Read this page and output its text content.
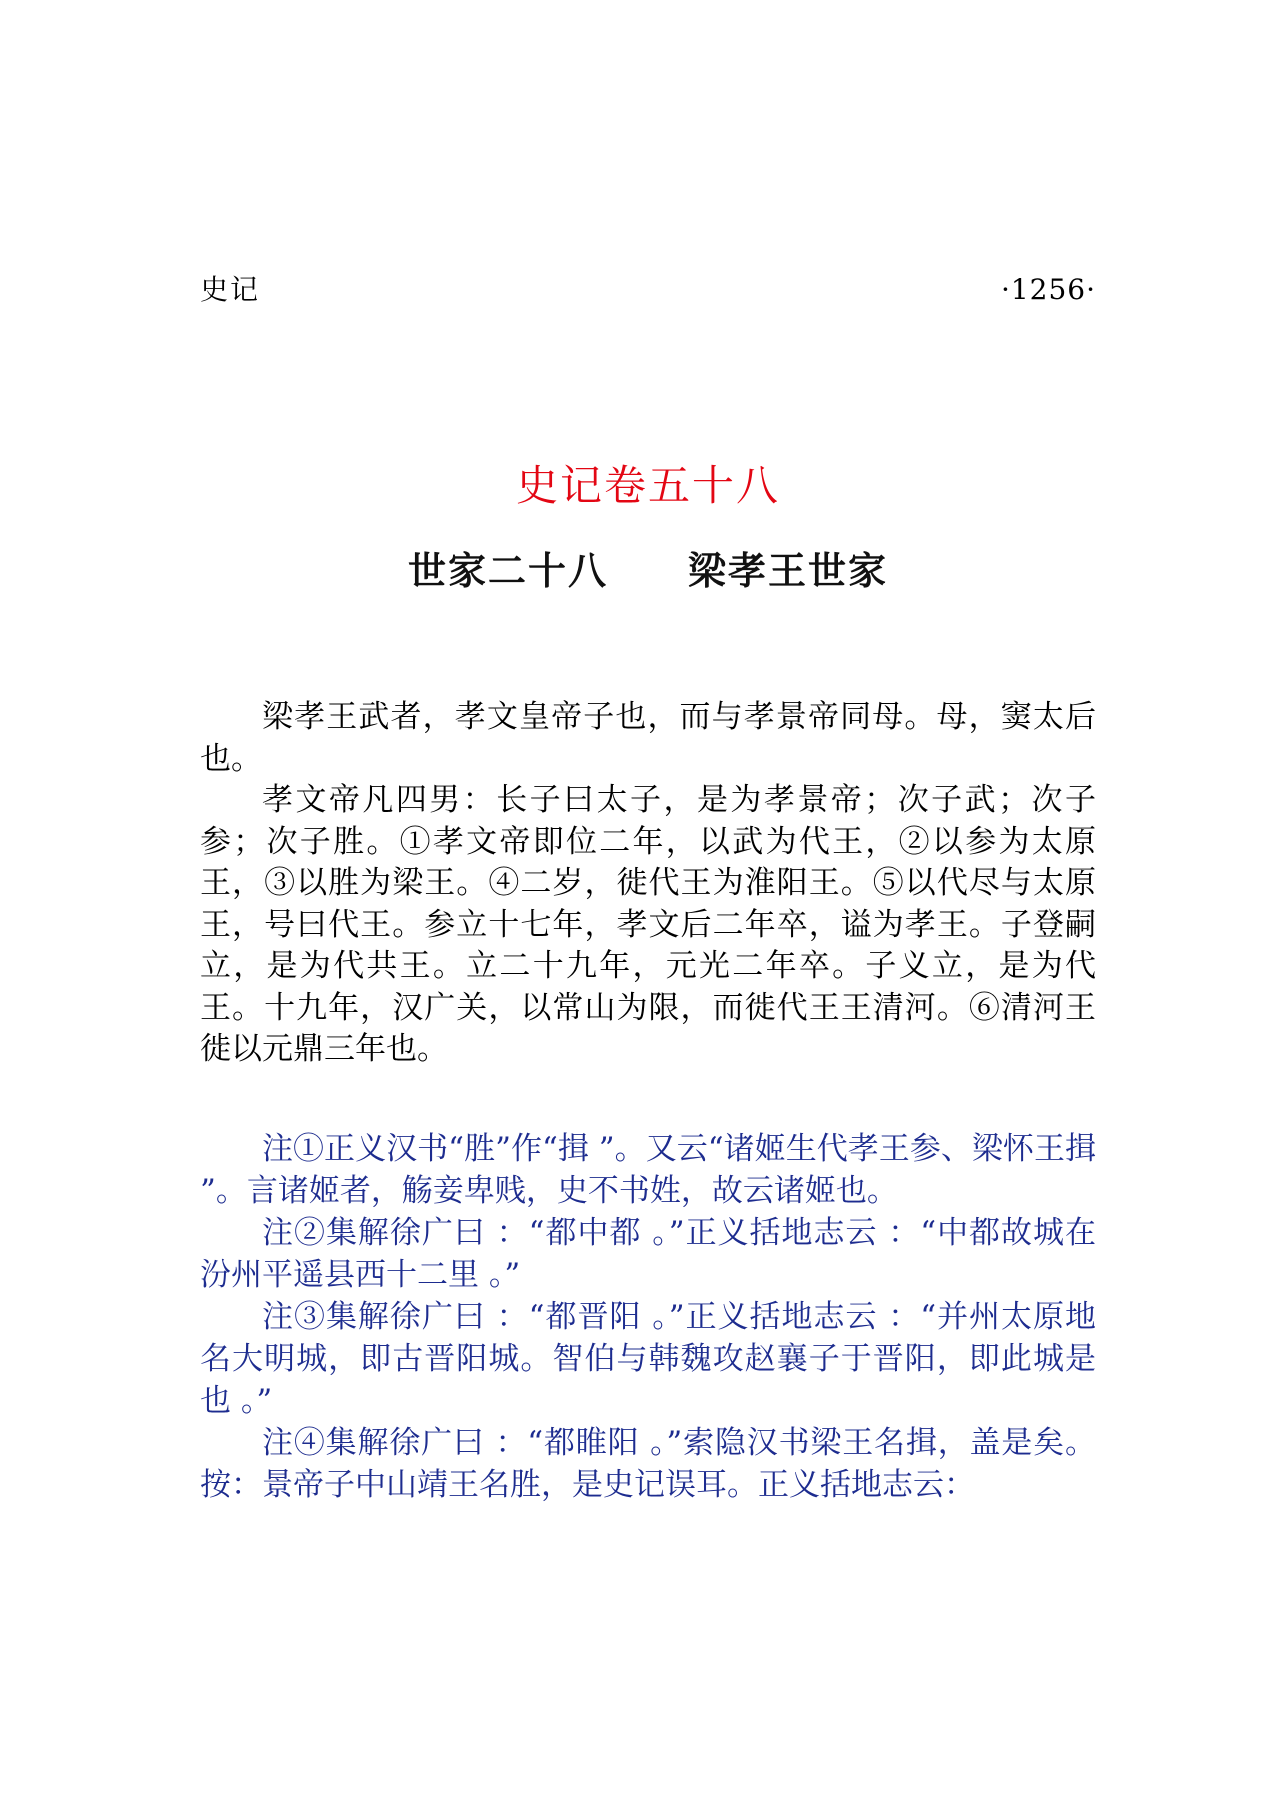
史记	·1256·
史记卷五十八
世家二十八 梁孝王世家

梁孝王武者，孝文皇帝子也，而与孝景帝同母。母，窦太后也。

孝文帝凡四男：长子曰太子，是为孝景帝；次子武；次子参；次子胜。①孝文帝即位二年，以武为代王，②以参为太原王，③以胜为梁王。④二岁，徙代王为淮阳王。⑤以代尽与太原王，号曰代王。参立十七年，孝文后二年卒，谥为孝王。子登嗣立，是为代共王。立二十九年，元光二年卒。子义立，是为代王。十九年，汉广关，以常山为限，而徙代王王清河。⑥清河王徙以元鼎三年也。

注①正义汉书“胜”作“揖 ”。又云“诸姬生代孝王参、梁怀王揖 ”。言诸姬者，觞妾卑贱，史不书姓，故云诸姬也。

注②集解徐广曰 ：“都中都 。”正义括地志云 ：“中都故城在汾州平遥县西十二里 。”

注③集解徐广曰 ：“都晋阳 。”正义括地志云 ：“并州太原地名大明城，即古晋阳城。智伯与韩魏攻赵襄子于晋阳，即此城是也 。”

注④集解徐广曰 ：“都睢阳 。”索隐汉书梁王名揖，盖是矣。按：景帝子中山靖王名胜，是史记误耳。正义括地志云：
